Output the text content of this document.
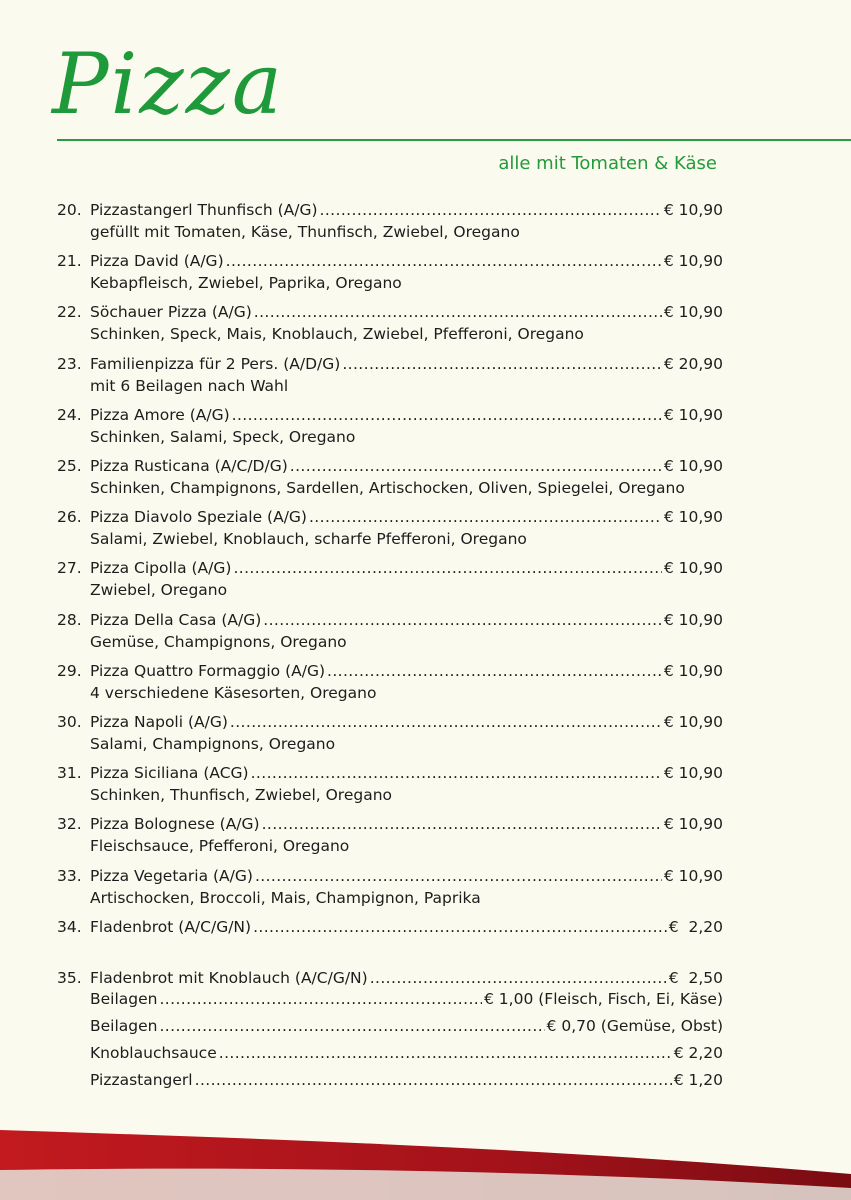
Pizza
alle mit Tomaten & Käse
20. Pizzastangerl Thunfisch (A/G) .....	€ 10,90
gefüllt mit Tomaten, Käse, Thunfisch, Zwiebel, Oregano
21. Pizza David (A/G) .....	€ 10,90
Kebapfleisch, Zwiebel, Paprika, Oregano
22. Söchauer Pizza (A/G) .....	€ 10,90
Schinken, Speck, Mais, Knoblauch, Zwiebel, Pfefferoni, Oregano
23. Familienpizza für 2 Pers. (A/D/G) .....	€ 20,90
mit 6 Beilagen nach Wahl
24. Pizza Amore (A/G) .....	€ 10,90
Schinken, Salami, Speck, Oregano
25. Pizza Rusticana (A/C/D/G) .....	€ 10,90
Schinken, Champignons, Sardellen, Artischocken, Oliven, Spiegelei, Oregano
26. Pizza Diavolo Speziale (A/G) .....	€ 10,90
Salami, Zwiebel, Knoblauch, scharfe Pfefferoni, Oregano
27. Pizza Cipolla (A/G) .....	€ 10,90
Zwiebel, Oregano
28. Pizza Della Casa (A/G) .....	€ 10,90
Gemüse, Champignons, Oregano
29. Pizza Quattro Formaggio (A/G) .....	€ 10,90
4 verschiedene Käsesorten, Oregano
30. Pizza Napoli (A/G) .....	€ 10,90
Salami, Champignons, Oregano
31. Pizza Siciliana (ACG) .....	€ 10,90
Schinken, Thunfisch, Zwiebel, Oregano
32. Pizza Bolognese (A/G) .....	€ 10,90
Fleischsauce, Pfefferoni, Oregano
33. Pizza Vegetaria (A/G) .....	€ 10,90
Artischocken, Broccoli, Mais, Champignon, Paprika
34. Fladenbrot (A/C/G/N) .....	€  2,20
35. Fladenbrot mit Knoblauch (A/C/G/N) .....	€  2,50
Beilagen .....	€ 1,00 (Fleisch, Fisch, Ei, Käse)
Beilagen .....	€ 0,70 (Gemüse, Obst)
Knoblauchsauce .....	€ 2,20
Pizzastangerl .....	€ 1,20
